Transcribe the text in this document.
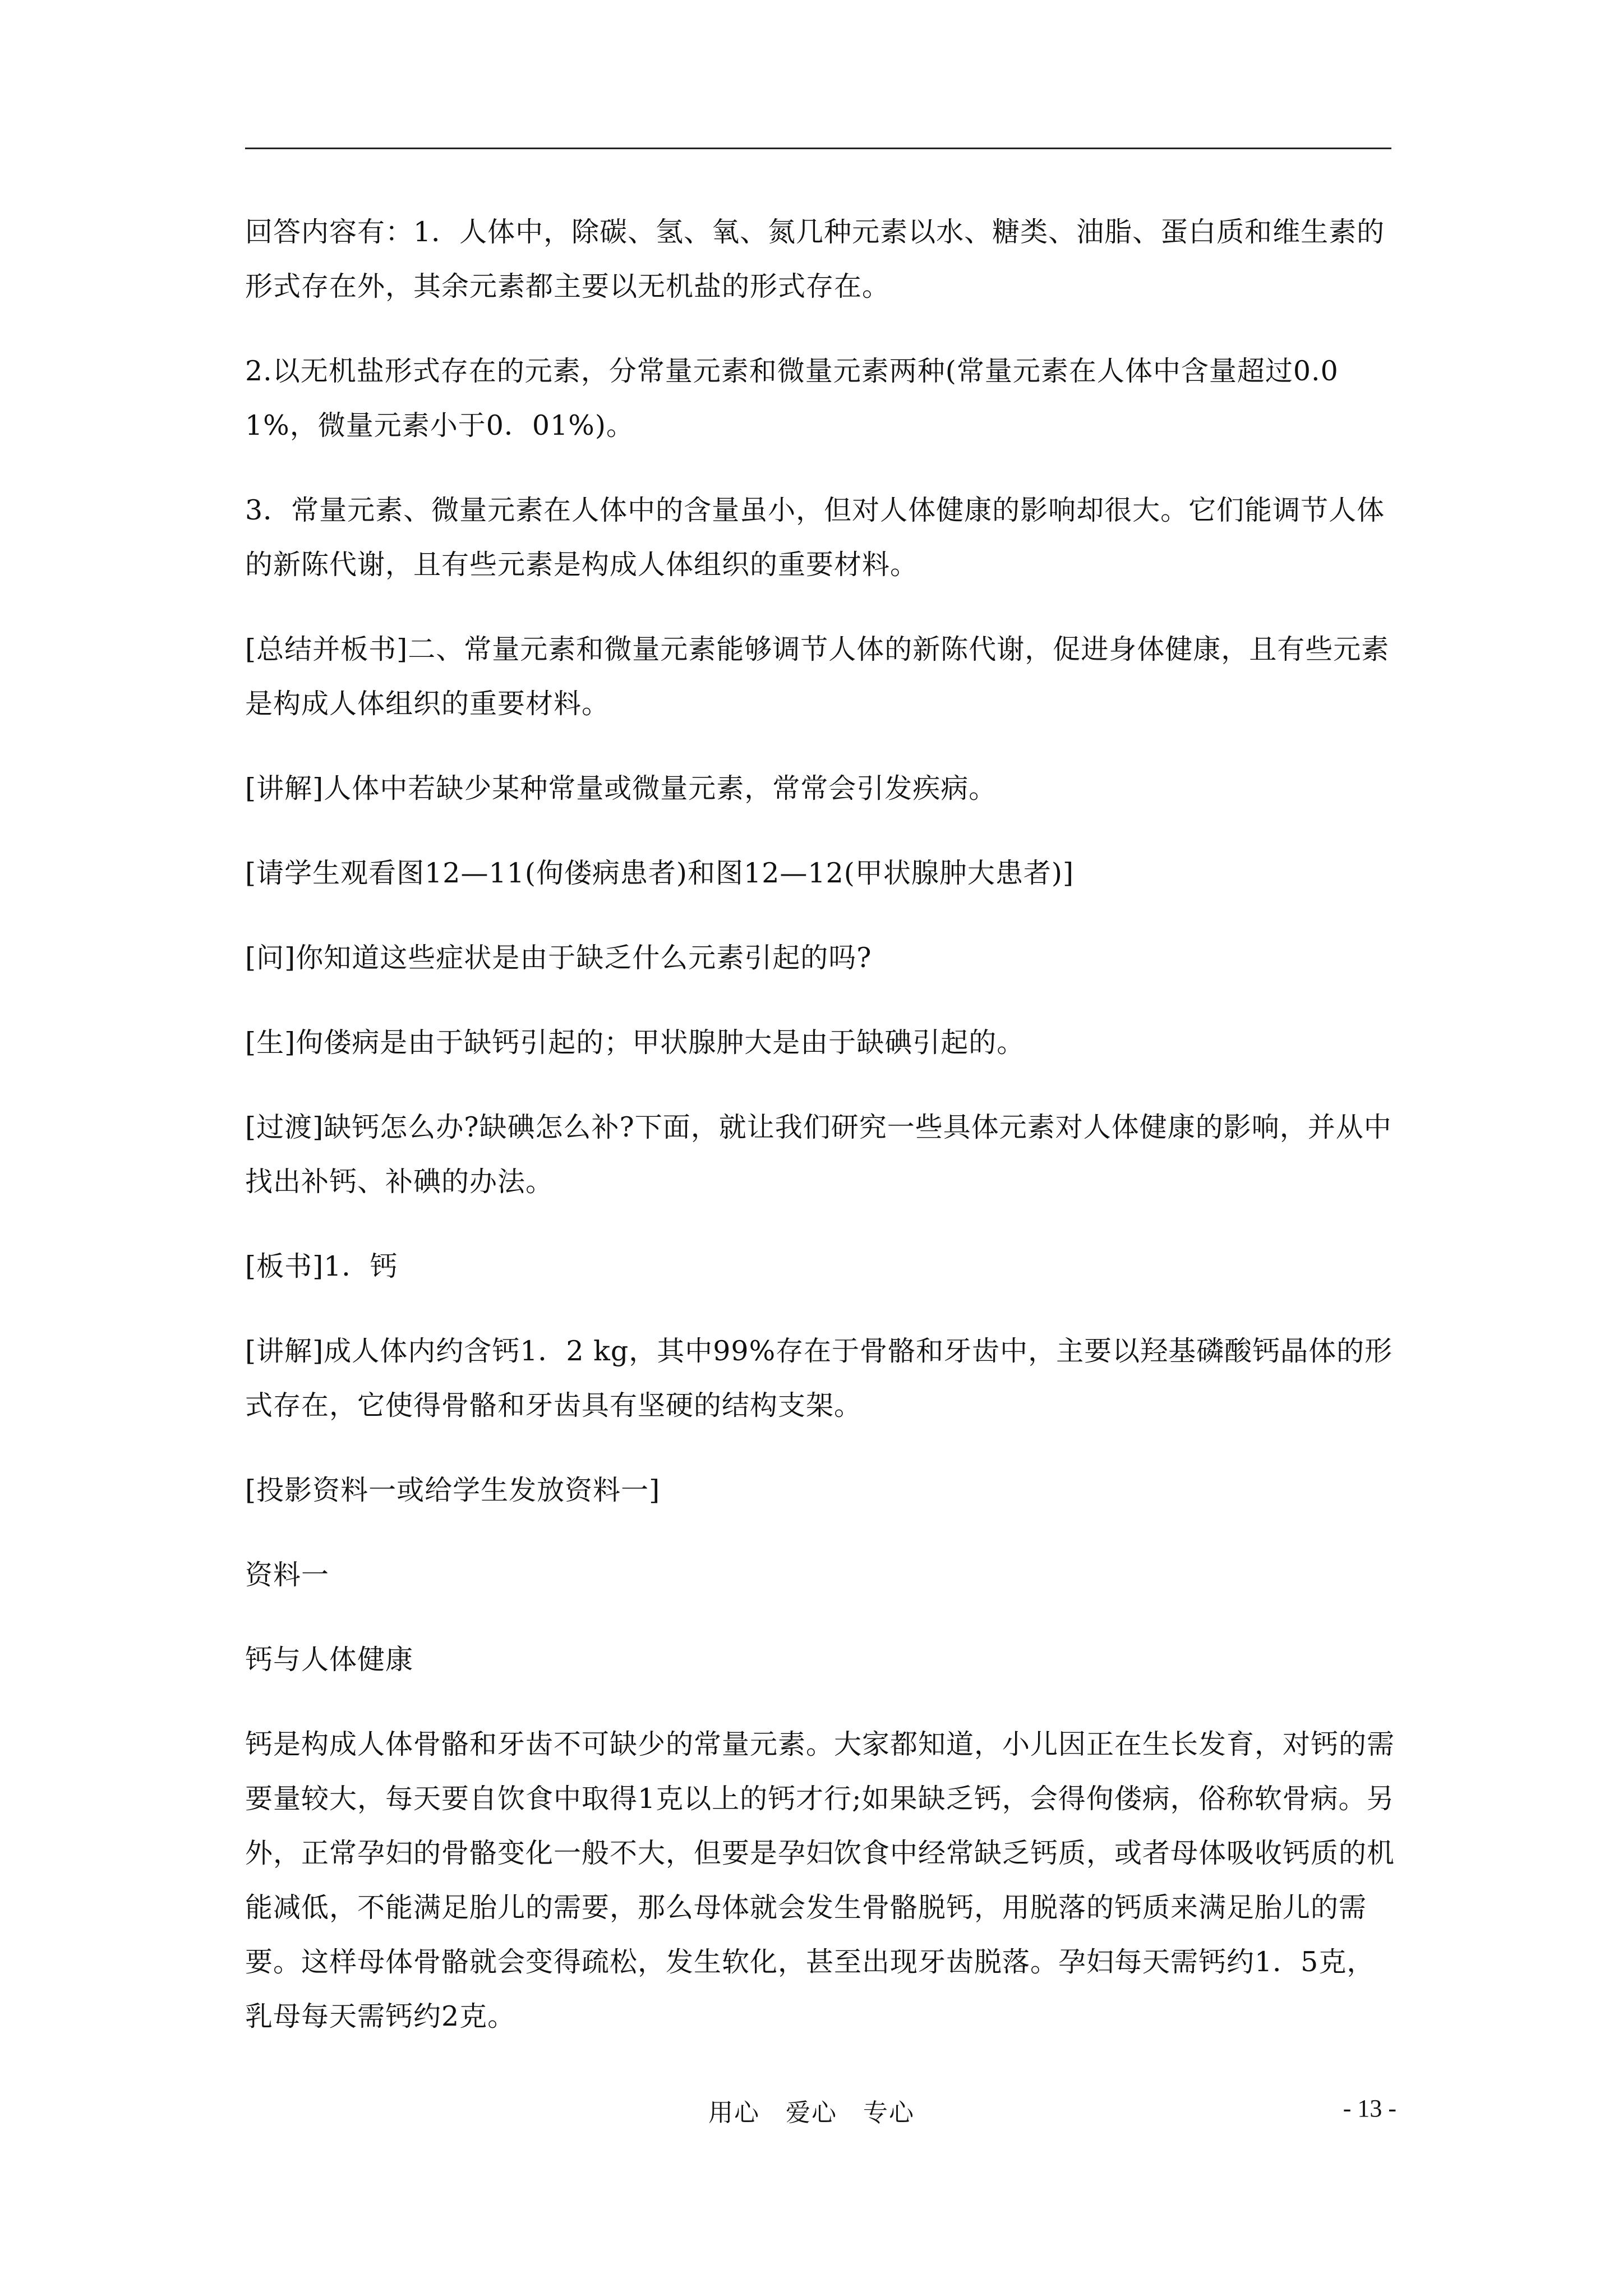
回答内容有：1．人体中，除碳、氢、氧、氮几种元素以水、糖类、油脂、蛋白质和维生素的形式存在外，其余元素都主要以无机盐的形式存在。

2.以无机盐形式存在的元素，分常量元素和微量元素两种(常量元素在人体中含量超过0.01%，微量元素小于0．01%)。

3．常量元素、微量元素在人体中的含量虽小，但对人体健康的影响却很大。它们能调节人体的新陈代谢，且有些元素是构成人体组织的重要材料。

[总结并板书]二、常量元素和微量元素能够调节人体的新陈代谢，促进身体健康，且有些元素是构成人体组织的重要材料。

[讲解]人体中若缺少某种常量或微量元素，常常会引发疾病。

[请学生观看图12—11(佝偻病患者)和图12—12(甲状腺肿大患者)]

[问]你知道这些症状是由于缺乏什么元素引起的吗?

[生]佝偻病是由于缺钙引起的；甲状腺肿大是由于缺碘引起的。

[过渡]缺钙怎么办?缺碘怎么补?下面，就让我们研究一些具体元素对人体健康的影响，并从中找出补钙、补碘的办法。

[板书]1．钙

[讲解]成人体内约含钙1．2 kg，其中99%存在于骨骼和牙齿中，主要以羟基磷酸钙晶体的形式存在，它使得骨骼和牙齿具有坚硬的结构支架。

[投影资料一或给学生发放资料一]

资料一

钙与人体健康

钙是构成人体骨骼和牙齿不可缺少的常量元素。大家都知道，小儿因正在生长发育，对钙的需要量较大，每天要自饮食中取得1克以上的钙才行;如果缺乏钙，会得佝偻病，俗称软骨病。另外，正常孕妇的骨骼变化一般不大，但要是孕妇饮食中经常缺乏钙质，或者母体吸收钙质的机能减低，不能满足胎儿的需要，那么母体就会发生骨骼脱钙，用脱落的钙质来满足胎儿的需要。这样母体骨骼就会变得疏松，发生软化，甚至出现牙齿脱落。孕妇每天需钙约1．5克，乳母每天需钙约2克。

用心 爱心 专心	- 13 -
